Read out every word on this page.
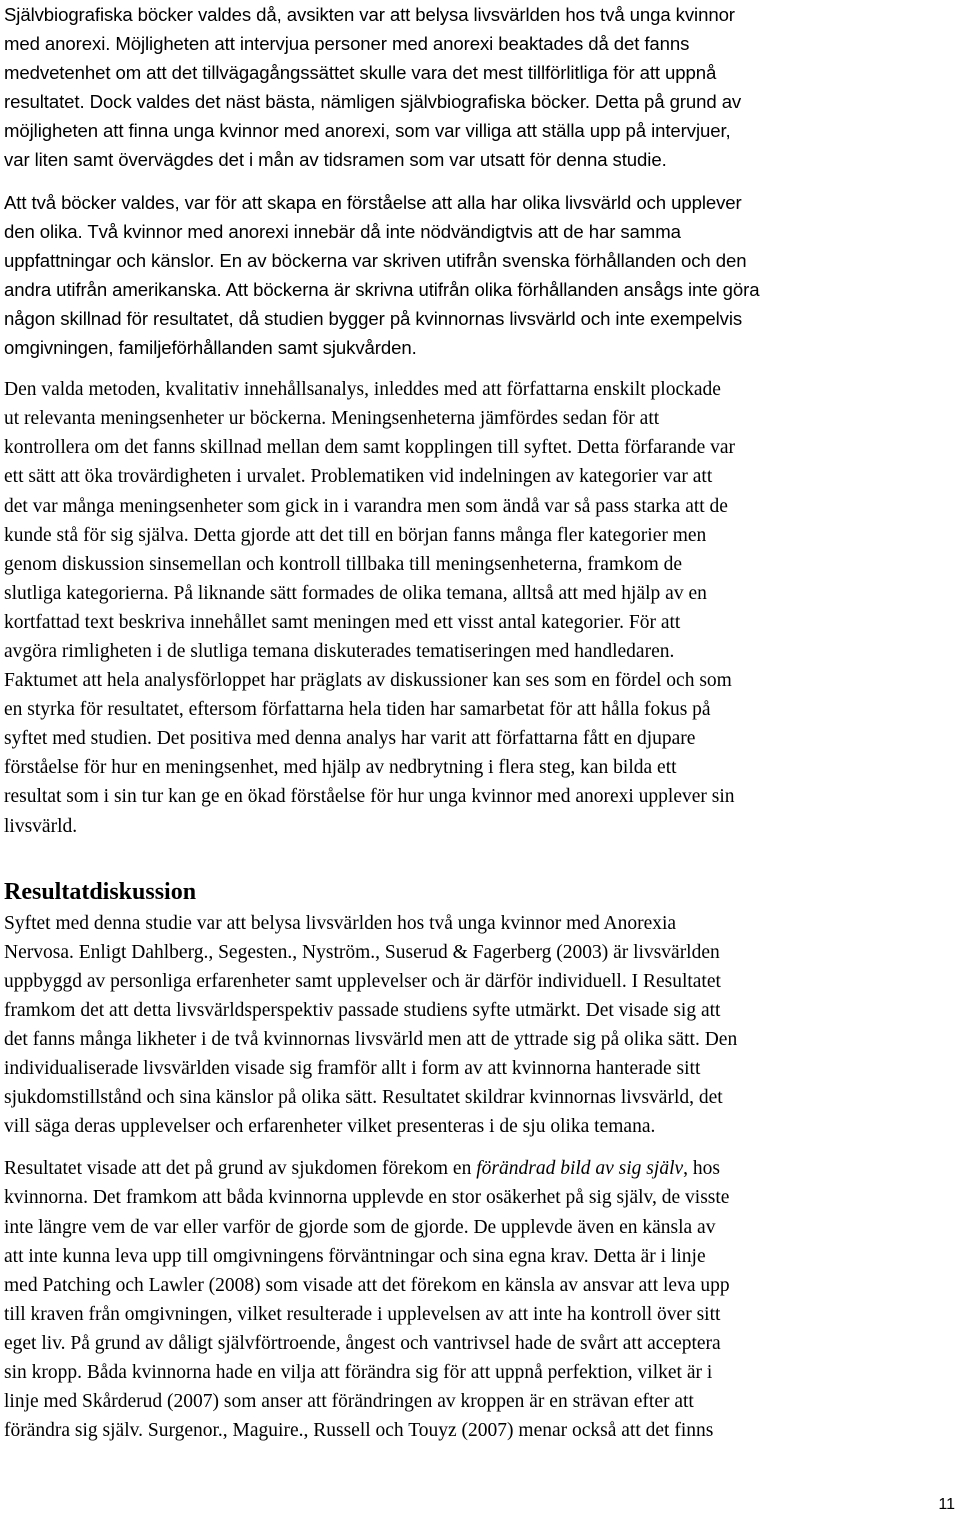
Självbiografiska böcker valdes då, avsikten var att belysa livsvärlden hos två unga kvinnor
med anorexi. Möjligheten att intervjua personer med anorexi beaktades då det fanns
medvetenhet om att det tillvägagångssättet skulle vara det mest tillförlitliga för att uppnå
resultatet. Dock valdes det näst bästa, nämligen självbiografiska böcker. Detta på grund av
möjligheten att finna unga kvinnor med anorexi, som var villiga att ställa upp på intervjuer,
var liten samt övervägdes det i mån av tidsramen som var utsatt för denna studie.

Att två böcker valdes, var för att skapa en förståelse att alla har olika livsvärld och upplever
den olika. Två kvinnor med anorexi innebär då inte nödvändigtvis att de har samma
uppfattningar och känslor. En av böckerna var skriven utifrån svenska förhållanden och den
andra utifrån amerikanska. Att böckerna är skrivna utifrån olika förhållanden ansågs inte göra
någon skillnad för resultatet, då studien bygger på kvinnornas livsvärld och inte exempelvis
omgivningen, familjeförhållanden samt sjukvården.

Den valda metoden, kvalitativ innehållsanalys, inleddes med att författarna enskilt plockade
ut relevanta meningsenheter ur böckerna. Meningsenheterna jämfördes sedan för att
kontrollera om det fanns skillnad mellan dem samt kopplingen till syftet. Detta förfarande var
ett sätt att öka trovärdigheten i urvalet. Problematiken vid indelningen av kategorier var att
det var många meningsenheter som gick in i varandra men som ändå var så pass starka att de
kunde stå för sig själva. Detta gjorde att det till en början fanns många fler kategorier men
genom diskussion sinsemellan och kontroll tillbaka till meningsenheterna, framkom de
slutliga kategorierna. På liknande sätt formades de olika temana, alltså att med hjälp av en
kortfattad text beskriva innehållet samt meningen med ett visst antal kategorier. För att
avgöra rimligheten i de slutliga temana diskuterades tematiseringen med handledaren.
Faktumet att hela analysförloppet har präglats av diskussioner kan ses som en fördel och som
en styrka för resultatet, eftersom författarna hela tiden har samarbetat för att hålla fokus på
syftet med studien. Det positiva med denna analys har varit att författarna fått en djupare
förståelse för hur en meningsenhet, med hjälp av nedbrytning i flera steg, kan bilda ett
resultat som i sin tur kan ge en ökad förståelse för hur unga kvinnor med anorexi upplever sin
livsvärld.

Resultatdiskussion

Syftet med denna studie var att belysa livsvärlden hos två unga kvinnor med Anorexia
Nervosa. Enligt Dahlberg., Segesten., Nyström., Suserud & Fagerberg (2003) är livsvärlden
uppbyggd av personliga erfarenheter samt upplevelser och är därför individuell. I Resultatet
framkom det att detta livsvärldsperspektiv passade studiens syfte utmärkt. Det visade sig att
det fanns många likheter i de två kvinnornas livsvärld men att de yttrade sig på olika sätt. Den
individualiserade livsvärlden visade sig framför allt i form av att kvinnorna hanterade sitt
sjukdomstillstånd och sina känslor på olika sätt. Resultatet skildrar kvinnornas livsvärld, det
vill säga deras upplevelser och erfarenheter vilket presenteras i de sju olika temana.

Resultatet visade att det på grund av sjukdomen förekom en förändrad bild av sig själv, hos
kvinnorna. Det framkom att båda kvinnorna upplevde en stor osäkerhet på sig själv, de visste
inte längre vem de var eller varför de gjorde som de gjorde. De upplevde även en känsla av
att inte kunna leva upp till omgivningens förväntningar och sina egna krav. Detta är i linje
med Patching och Lawler (2008) som visade att det förekom en känsla av ansvar att leva upp
till kraven från omgivningen, vilket resulterade i upplevelsen av att inte ha kontroll över sitt
eget liv. På grund av dåligt självförtroende, ångest och vantrivsel hade de svårt att acceptera
sin kropp. Båda kvinnorna hade en vilja att förändra sig för att uppnå perfektion, vilket är i
linje med Skårderud (2007) som anser att förändringen av kroppen är en strävan efter att
förändra sig själv. Surgenor., Maguire., Russell och Touyz (2007) menar också att det finns

11
